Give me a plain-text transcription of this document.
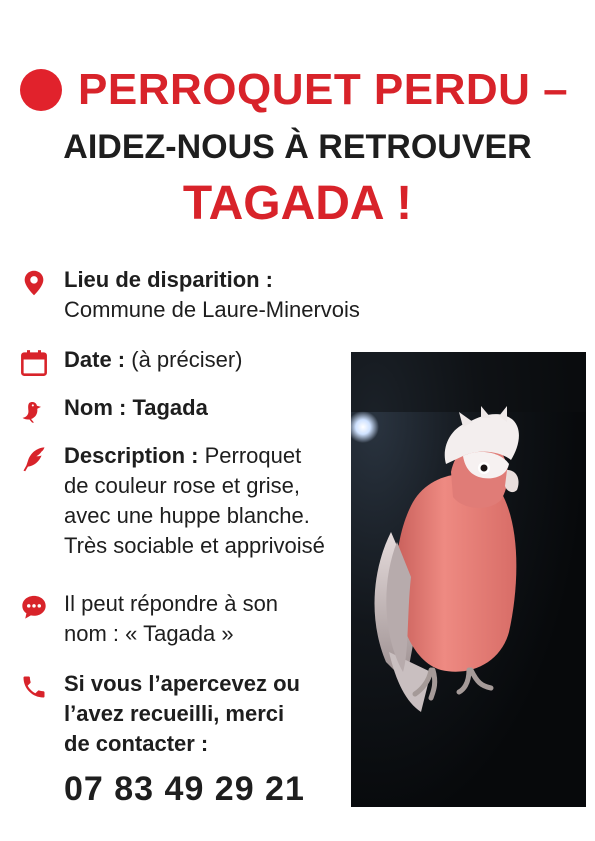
PERROQUET PERDU –
AIDEZ-NOUS À RETROUVER
TAGADA !
Lieu de disparition :
Commune de Laure-Minervois
Date : (à préciser)
Nom : Tagada
Description : Perroquet
de couleur rose et grise,
avec une huppe blanche.
Très sociable et apprivoisé
Il peut répondre à son
nom : « Tagada »
Si vous l’apercevez ou
l’avez recueilli, merci
de contacter :
07 83 49 29 21
